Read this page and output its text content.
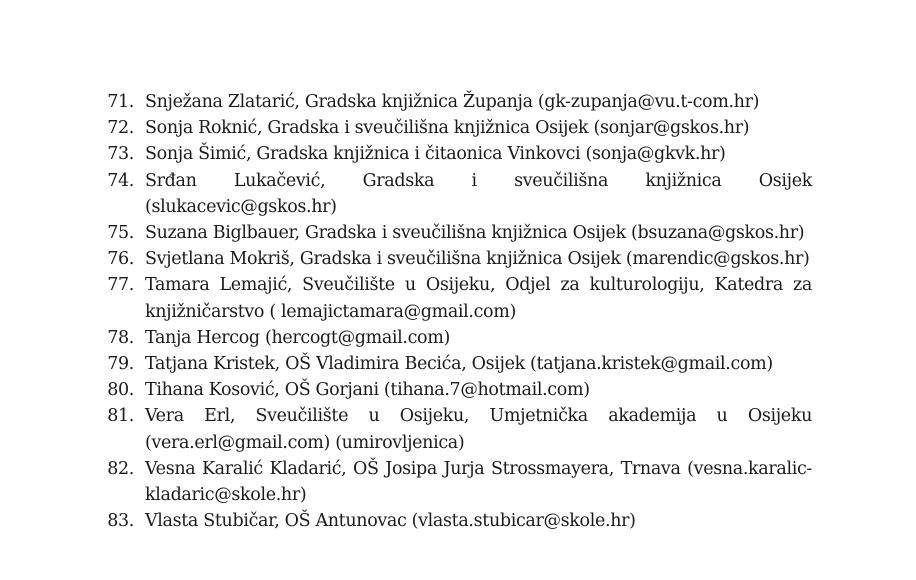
71. Snježana Zlatarić, Gradska knjižnica Županja (gk-zupanja@vu.t-com.hr)
72. Sonja Roknić, Gradska i sveučilišna knjižnica Osijek (sonjar@gskos.hr)
73. Sonja Šimić, Gradska knjižnica i čitaonica Vinkovci (sonja@gkvk.hr)
74. Srđan Lukačević, Gradska i sveučilišna knjižnica Osijek (slukacevic@gskos.hr)
75. Suzana Biglbauer, Gradska i sveučilišna knjižnica Osijek (bsuzana@gskos.hr)
76. Svjetlana Mokriš, Gradska i sveučilišna knjižnica Osijek (marendic@gskos.hr)
77. Tamara Lemajić, Sveučilište u Osijeku, Odjel za kulturologiju, Katedra za knjižničarstvo ( lemajictamara@gmail.com)
78. Tanja Hercog (hercogt@gmail.com)
79. Tatjana Kristek, OŠ Vladimira Becića, Osijek (tatjana.kristek@gmail.com)
80. Tihana Kosović, OŠ Gorjani (tihana.7@hotmail.com)
81. Vera Erl, Sveučilište u Osijeku, Umjetnička akademija u Osijeku (vera.erl@gmail.com) (umirovljenica)
82. Vesna Karalić Kladarić, OŠ Josipa Jurja Strossmayera, Trnava (vesna.karalic-kladaric@skole.hr)
83. Vlasta Stubičar, OŠ Antunovac (vlasta.stubicar@skole.hr)
